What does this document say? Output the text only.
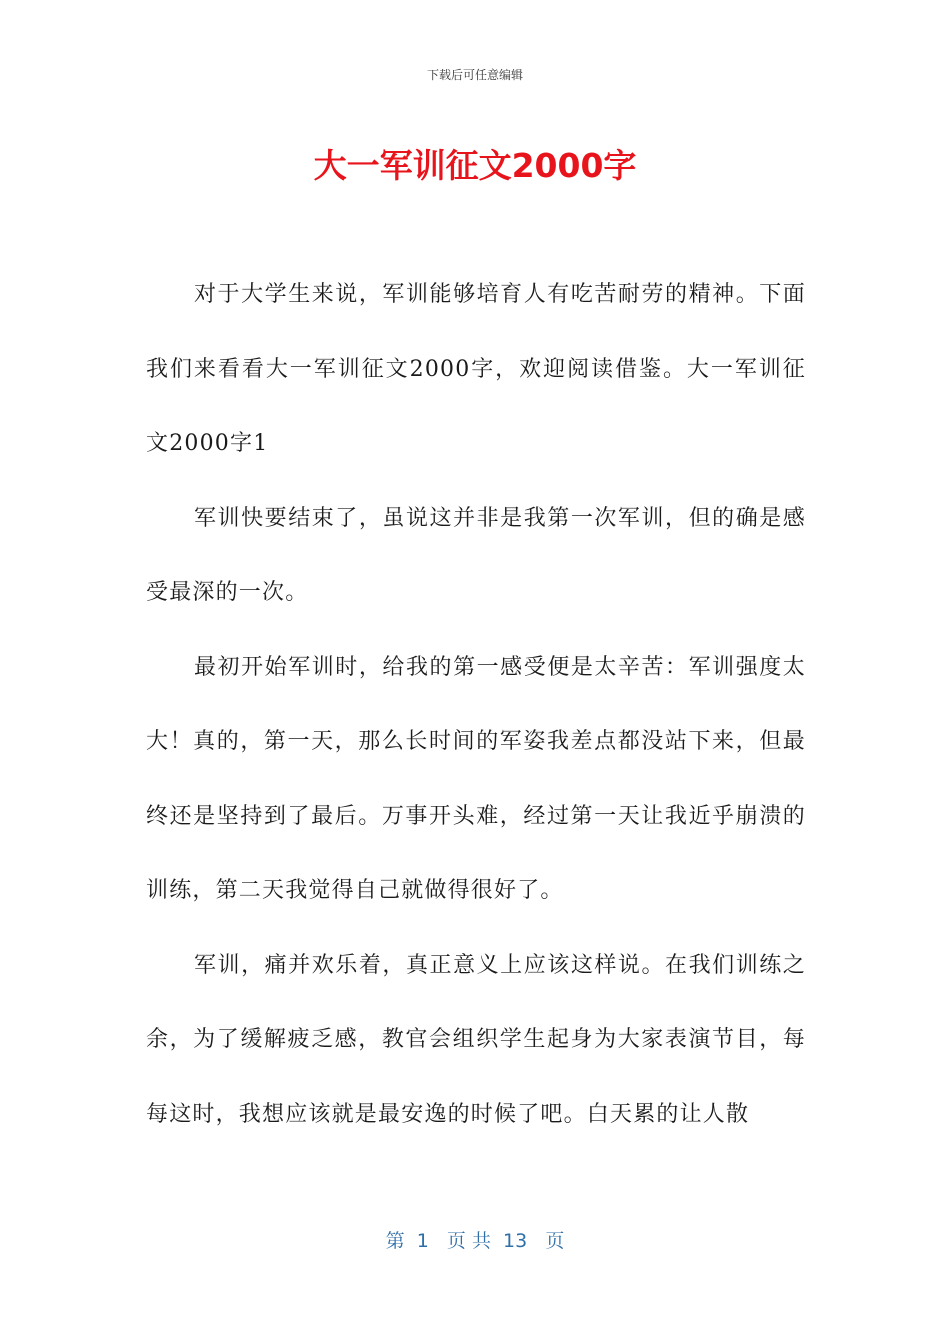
下载后可任意编辑
大一军训征文2000字

对于大学生来说，军训能够培育人有吃苦耐劳的精神。下面我们来看看大一军训征文2000字，欢迎阅读借鉴。大一军训征文2000字1

军训快要结束了，虽说这并非是我第一次军训，但的确是感受最深的一次。

最初开始军训时，给我的第一感受便是太辛苦：军训强度太大！真的，第一天，那么长时间的军姿我差点都没站下来，但最终还是坚持到了最后。万事开头难，经过第一天让我近乎崩溃的训练，第二天我觉得自己就做得很好了。

军训，痛并欢乐着，真正意义上应该这样说。在我们训练之余，为了缓解疲乏感，教官会组织学生起身为大家表演节目，每每这时，我想应该就是最安逸的时候了吧。白天累的让人散

第  1   页 共  13   页
